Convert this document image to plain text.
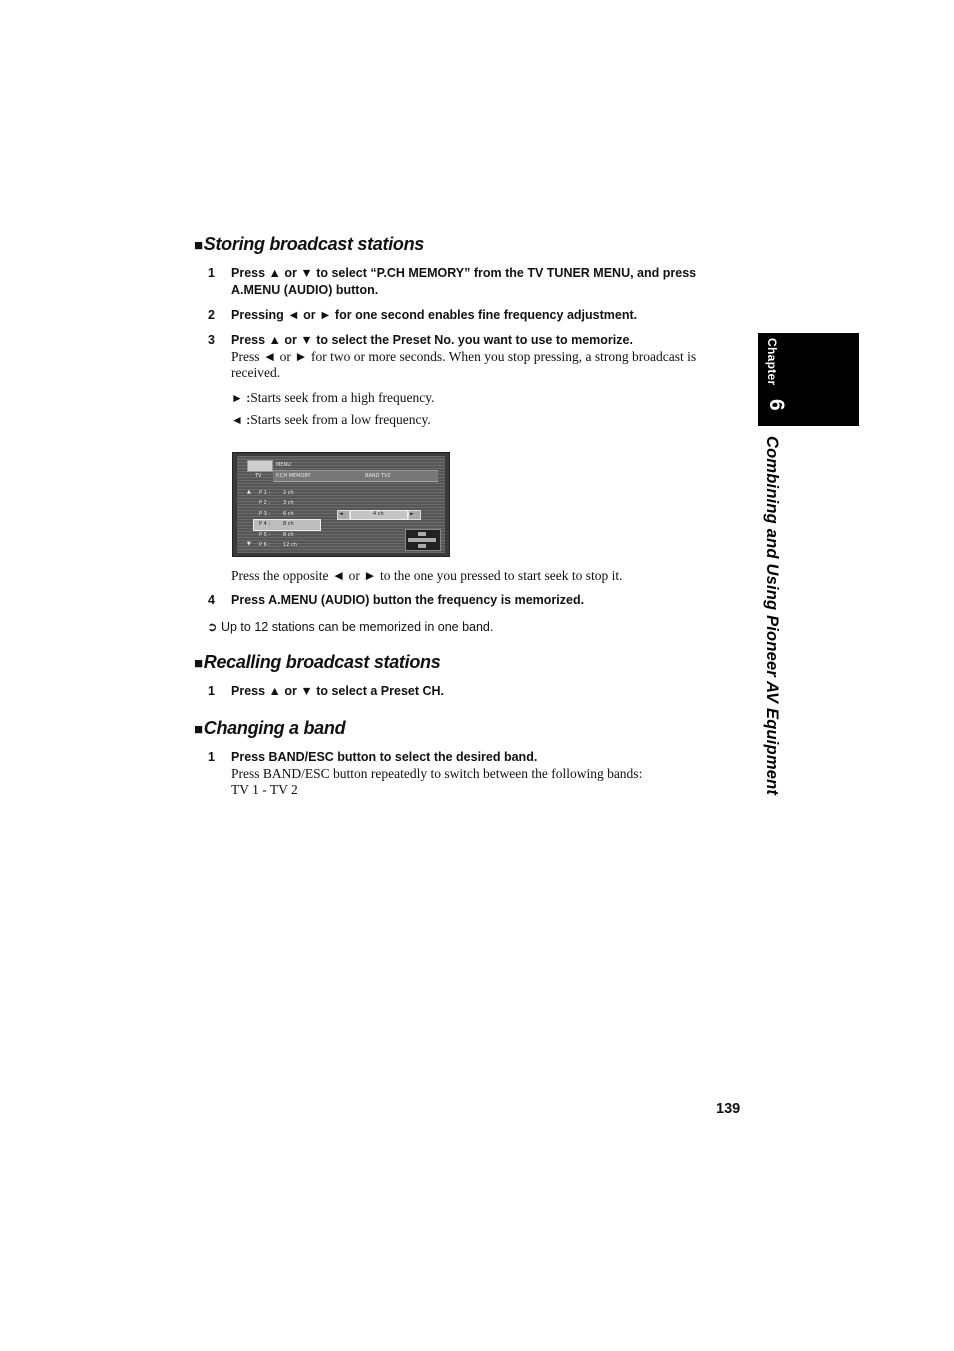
■Storing broadcast stations
1 Press ▲ or ▼ to select “P.CH MEMORY” from the TV TUNER MENU, and press
A.MENU (AUDIO) button.
2 Pressing ◄ or ► for one second enables fine frequency adjustment.
3 Press ▲ or ▼ to select the Preset No. you want to use to memorize.
Press ◄ or ► for two or more seconds. When you stop pressing, a strong broadcast is
received.
► :Starts seek from a high frequency.
◄ :Starts seek from a low frequency.
MENU
TV	P.CH MEMORY	BAND TV2
▲
▼
P 1 :	2 ch
P 2 :	3 ch
P 3 :	6 ch
P 4 :	8 ch
P 5 :	8 ch
P 6 :	12 ch
◄	4 ch	►
Press the opposite ◄ or ► to the one you pressed to start seek to stop it.
4 Press A.MENU (AUDIO) button the frequency is memorized.
➲ Up to 12 stations can be memorized in one band.
■Recalling broadcast stations
1 Press ▲ or ▼ to select a Preset CH.
■Changing a band
1 Press BAND/ESC button to select the desired band.
Press BAND/ESC button repeatedly to switch between the following bands:
TV 1 - TV 2
Chapter
6
Combining and Using Pioneer AV Equipment
139
